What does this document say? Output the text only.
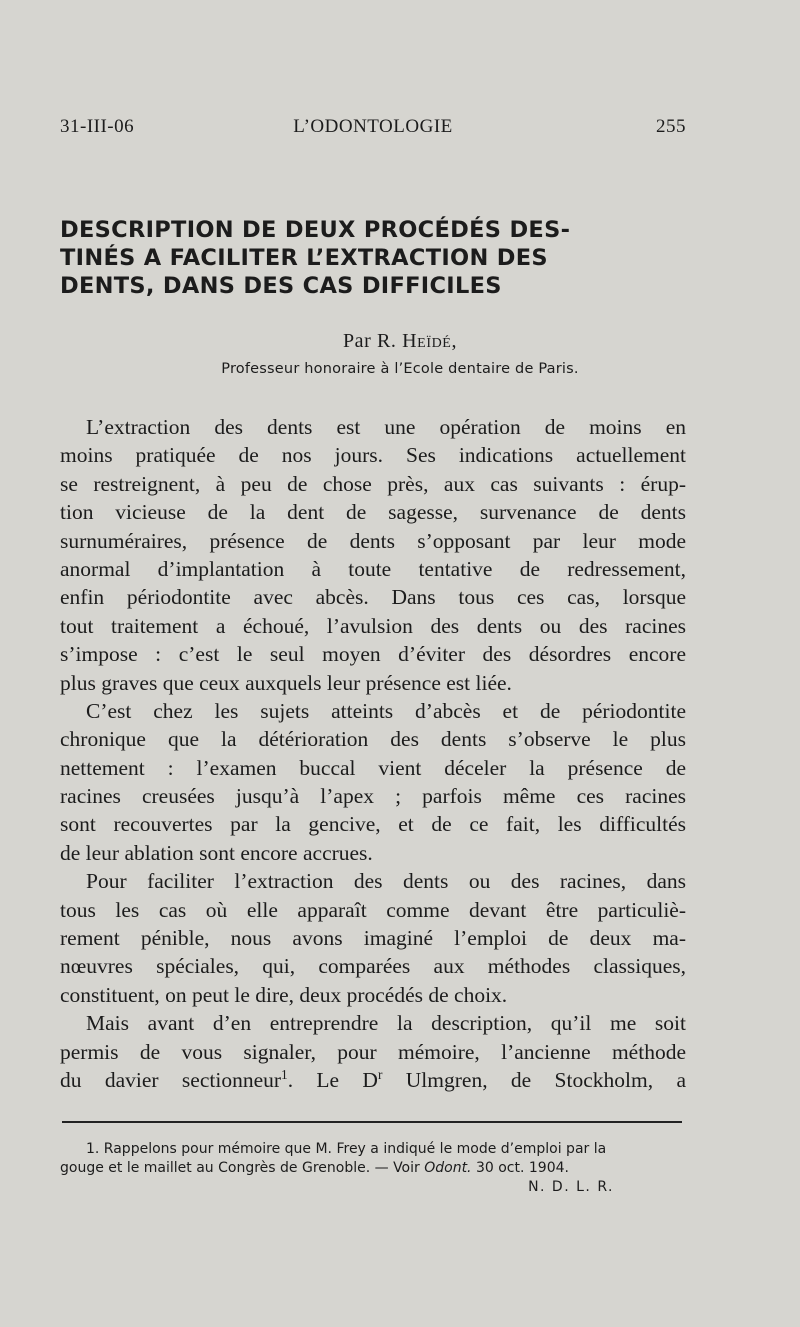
31-III-06	L’ODONTOLOGIE	255
DESCRIPTION DE DEUX PROCÉDÉS DES-
TINÉS A FACILITER L’EXTRACTION DES
DENTS, DANS DES CAS DIFFICILES
Par R. Heïdé,
Professeur honoraire à l’Ecole dentaire de Paris.

L’extraction des dents est une opération de moins en
moins pratiquée de nos jours. Ses indications actuellement
se restreignent, à peu de chose près, aux cas suivants : érup-
tion vicieuse de la dent de sagesse, survenance de dents
surnuméraires, présence de dents s’opposant par leur mode
anormal d’implantation à toute tentative de redressement,
enfin périodontite avec abcès. Dans tous ces cas, lorsque
tout traitement a échoué, l’avulsion des dents ou des racines
s’impose : c’est le seul moyen d’éviter des désordres encore
plus graves que ceux auxquels leur présence est liée.

C’est chez les sujets atteints d’abcès et de périodontite
chronique que la détérioration des dents s’observe le plus
nettement : l’examen buccal vient déceler la présence de
racines creusées jusqu’à l’apex ; parfois même ces racines
sont recouvertes par la gencive, et de ce fait, les difficultés
de leur ablation sont encore accrues.

Pour faciliter l’extraction des dents ou des racines, dans
tous les cas où elle apparaît comme devant être particuliè-
rement pénible, nous avons imaginé l’emploi de deux ma-
nœuvres spéciales, qui, comparées aux méthodes classiques,
constituent, on peut le dire, deux procédés de choix.

Mais avant d’en entreprendre la description, qu’il me soit
permis de vous signaler, pour mémoire, l’ancienne méthode
du davier sectionneur$^1$. Le $D^r$ Ulmgren, de Stockholm, a

1. Rappelons pour mémoire que M. Frey a indiqué le mode d’emploi par la
gouge et le maillet au Congrès de Grenoble. — Voir Odont. 30 oct. 1904.
N. D. L. R.
